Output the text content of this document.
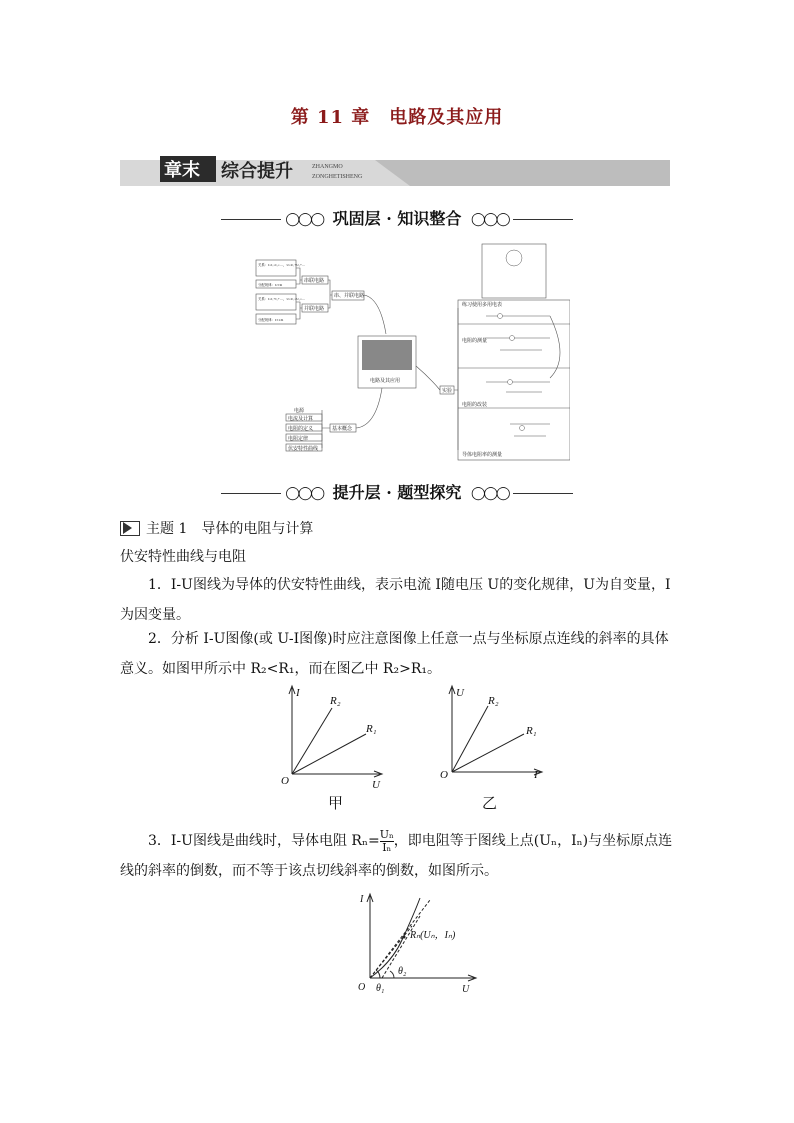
第 11 章　电路及其应用
章末 综合提升	ZHANGMO
ZONGHETISHENG
◯◯◯ 巩固层 · 知识整合 ◯◯◯
关系：I=I₁=I₂=…，U=U₁+U₂+…
分配规律：U∝R
关系：I=I₁+I₂+…，U=U₁=U₂=…
分配规律：I∝1/R
串联电路
并联电路
串、并联电路
电源
电流及计算
电阻的定义
电阻定律
伏安特性曲线
基本概念
电路及其应用
实验
练习使用多用电表
电阻的测量
电阻的改装
导体电阻率的测量
◯◯◯ 提升层 · 题型探究 ◯◯◯
主题 1　导体的电阻与计算
伏安特性曲线与电阻
1．I-U图线为导体的伏安特性曲线，表示电流 I随电压 U的变化规律，U为自变量，I为因变量。
2．分析 I-U图像(或 U-I图像)时应注意图像上任意一点与坐标原点连线的斜率的具体意义。如图甲所示中 R₂<R₁，而在图乙中 R₂>R₁。
I
U
O
R₂
R₁
甲
U
I
O
R₂
R₁
乙
3．I-U图线是曲线时，导体电阻 $R_n= \frac{\text{Uₙ}}{\text{Iₙ}}$ ，即电阻等于图线上点(Uₙ，Iₙ)与坐标原点连线的斜率的倒数，而不等于该点切线斜率的倒数，如图所示。
I
U
O
Rₙ(Uₙ，Iₙ)
θ₁
θ₂
